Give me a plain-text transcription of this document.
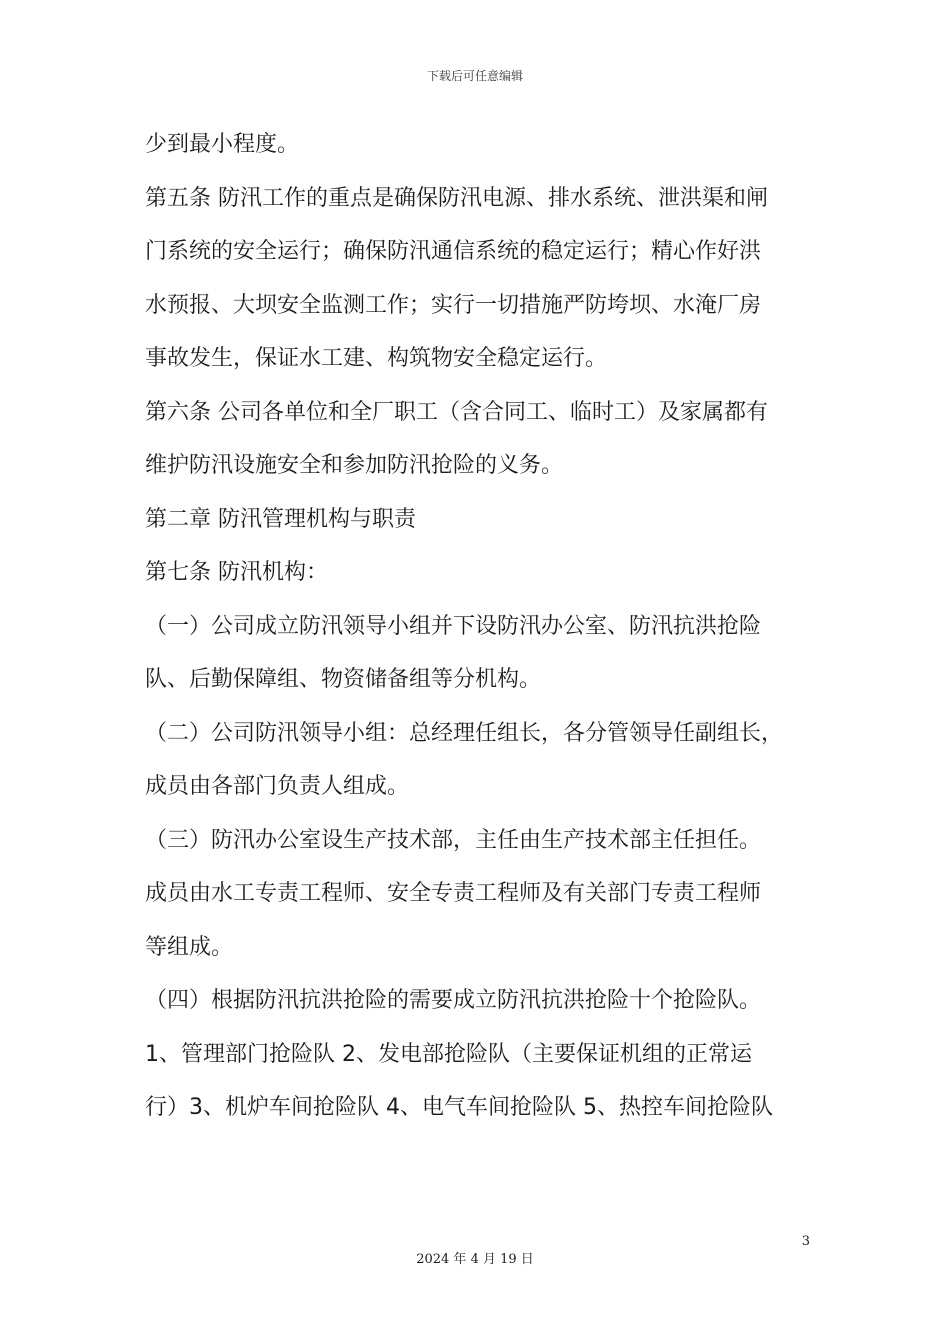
下载后可任意编辑
少到最小程度。
第五条 防汛工作的重点是确保防汛电源、排水系统、泄洪渠和闸
门系统的安全运行；确保防汛通信系统的稳定运行；精心作好洪
水预报、大坝安全监测工作；实行一切措施严防垮坝、水淹厂房
事故发生，保证水工建、构筑物安全稳定运行。
第六条 公司各单位和全厂职工（含合同工、临时工）及家属都有
维护防汛设施安全和参加防汛抢险的义务。
第二章 防汛管理机构与职责
第七条 防汛机构：
（一）公司成立防汛领导小组并下设防汛办公室、防汛抗洪抢险
队、后勤保障组、物资储备组等分机构。
（二）公司防汛领导小组：总经理任组长，各分管领导任副组长，
成员由各部门负责人组成。
（三）防汛办公室设生产技术部，主任由生产技术部主任担任。
成员由水工专责工程师、安全专责工程师及有关部门专责工程师
等组成。
（四）根据防汛抗洪抢险的需要成立防汛抗洪抢险十个抢险队。
1、管理部门抢险队 2、发电部抢险队（主要保证机组的正常运
行）3、机炉车间抢险队 4、电气车间抢险队 5、热控车间抢险队
3
2024 年 4 月 19 日
